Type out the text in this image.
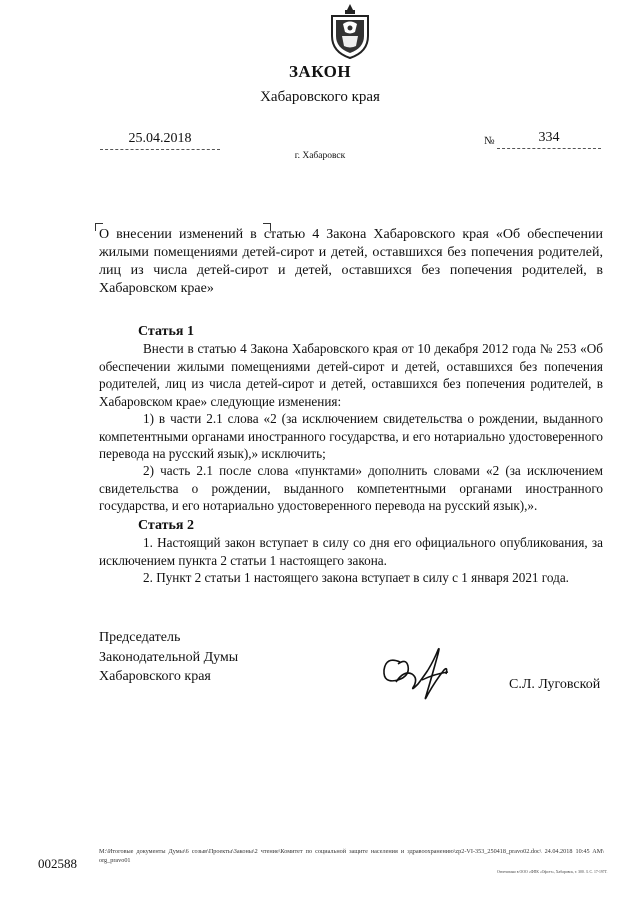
ЗАКОН
Хабаровского края
25.04.2018	№	334
г. Хабаровск
О внесении изменений в статью 4 Закона Хабаровского края «Об обеспечении жилыми помещениями детей-сирот и детей, оставшихся без попечения родителей, лиц из числа детей-сирот и детей, оставшихся без попечения родителей, в Хабаровском крае»
Статья 1
Внести в статью 4 Закона Хабаровского края от 10 декабря 2012 года № 253 «Об обеспечении жилыми помещениями детей-сирот и детей, оставшихся без попечения родителей, лиц из числа детей-сирот и детей, оставшихся без попечения родителей, в Хабаровском крае» следующие изменения:
1) в части 2.1 слова «2 (за исключением свидетельства о рождении, выданного компетентными органами иностранного государства, и его нотариально удостоверенного перевода на русский язык),» исключить;
2) часть 2.1 после слова «пунктами» дополнить словами «2 (за исключением свидетельства о рождении, выданного компетентными органами иностранного государства, и его нотариально удостоверенного перевода на русский язык),».
Статья 2
1. Настоящий закон вступает в силу со дня его официального опубликования, за исключением пункта 2 статьи 1 настоящего закона.
2. Пункт 2 статьи 1 настоящего закона вступает в силу с 1 января 2021 года.
Председатель
Законодательной Думы
Хабаровского края
С.Л. Луговской
M:\Итоговые документы Думы\6 созыв\Проекты\Законы\2 чтение\Комитет по социальной защите населения и здравоохранению\zp2-VI-353_250418_pravo02.doc\ 24.04.2018 10:45 AM\ org_pravo01
002588
Отпечатано в ООО «ФПК «Офсет», Хабаровск, т. 300. З. С. 17-197Г.
